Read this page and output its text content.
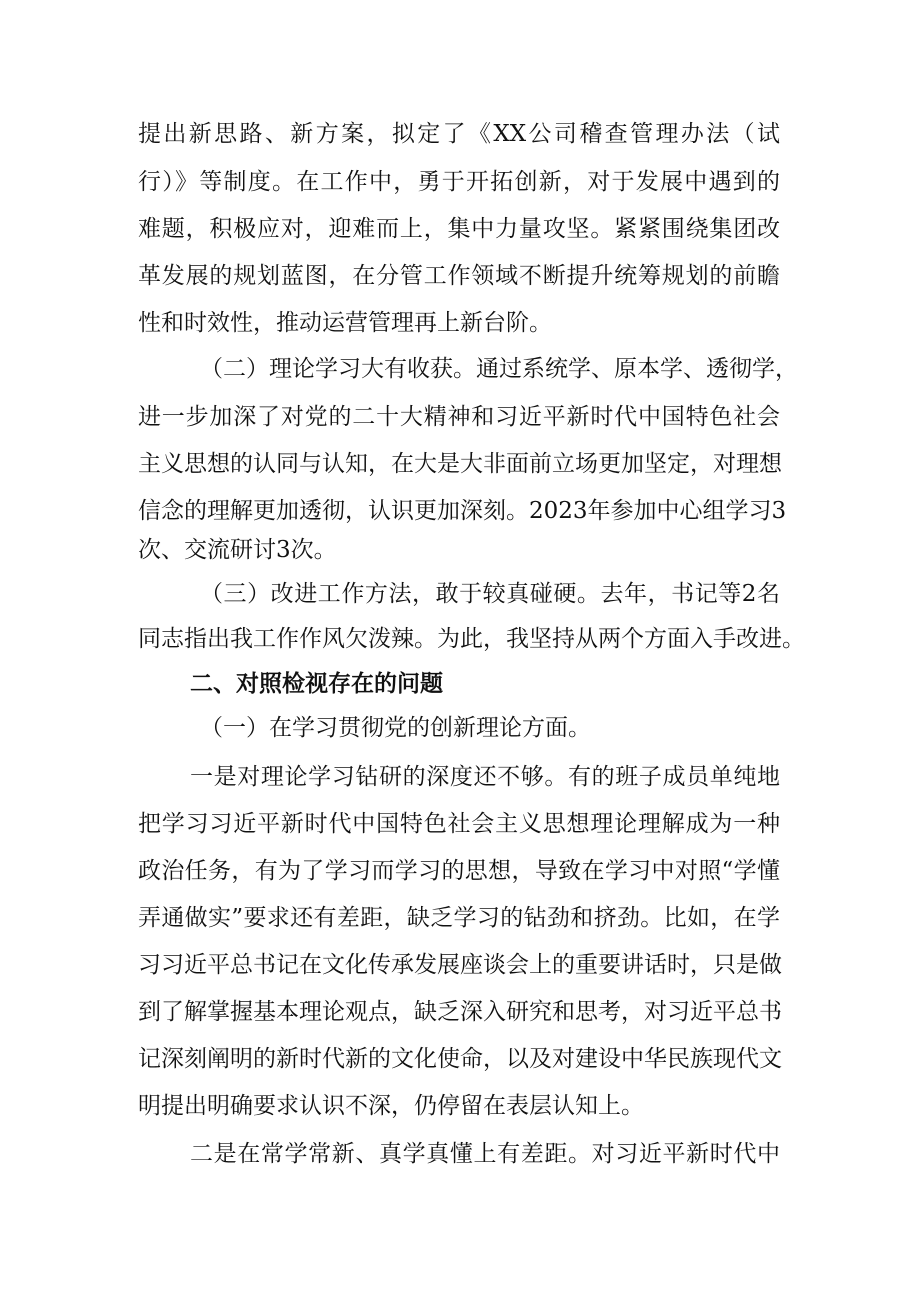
提出新思路、新方案，拟定了《XX公司稽查管理办法（试
行）》等制度。在工作中，勇于开拓创新，对于发展中遇到的
难题，积极应对，迎难而上，集中力量攻坚。紧紧围绕集团改
革发展的规划蓝图，在分管工作领域不断提升统筹规划的前瞻
性和时效性，推动运营管理再上新台阶。
（二）理论学习大有收获。通过系统学、原本学、透彻学，
进一步加深了对党的二十大精神和习近平新时代中国特色社会
主义思想的认同与认知，在大是大非面前立场更加坚定，对理想
信念的理解更加透彻，认识更加深刻。2023年参加中心组学习3
次、交流研讨3次。
（三）改进工作方法，敢于较真碰硬。去年，书记等2名
同志指出我工作作风欠泼辣。为此，我坚持从两个方面入手改进。
二、对照检视存在的问题
（一）在学习贯彻党的创新理论方面。
一是对理论学习钻研的深度还不够。有的班子成员单纯地
把学习习近平新时代中国特色社会主义思想理论理解成为一种
政治任务，有为了学习而学习的思想，导致在学习中对照“学懂
弄通做实”要求还有差距，缺乏学习的钻劲和挤劲。比如，在学
习习近平总书记在文化传承发展座谈会上的重要讲话时，只是做
到了解掌握基本理论观点，缺乏深入研究和思考，对习近平总书
记深刻阐明的新时代新的文化使命，以及对建设中华民族现代文
明提出明确要求认识不深，仍停留在表层认知上。
二是在常学常新、真学真懂上有差距。对习近平新时代中
